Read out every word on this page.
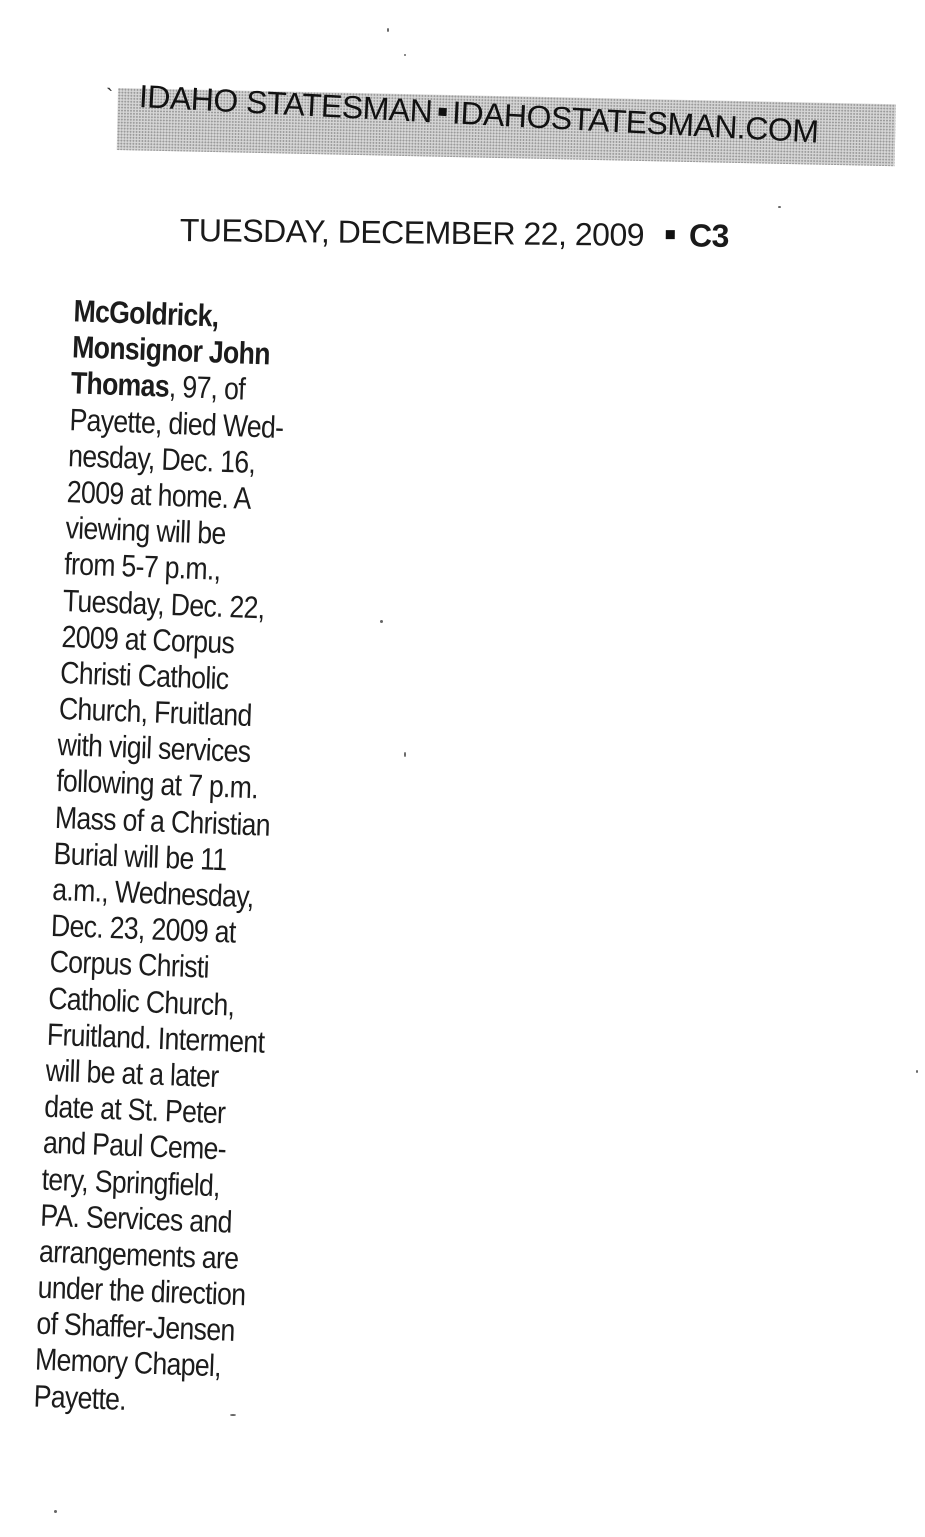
` IDAHO STATESMAN IDAHOSTATESMAN.COM
TUESDAY, DECEMBER 22, 2009 C3
McGoldrick,
Monsignor John
Thomas, 97, of
Payette, died Wed-
nesday, Dec. 16,
2009 at home. A
viewing will be
from 5-7 p.m.,
Tuesday, Dec. 22,
2009 at Corpus
Christi Catholic
Church, Fruitland
with vigil services
following at 7 p.m.
Mass of a Christian
Burial will be 11
a.m., Wednesday,
Dec. 23, 2009 at
Corpus Christi
Catholic Church,
Fruitland. Interment
will be at a later
date at St. Peter
and Paul Ceme-
tery, Springfield,
PA. Services and
arrangements are
under the direction
of Shaffer-Jensen
Memory Chapel,
Payette.
